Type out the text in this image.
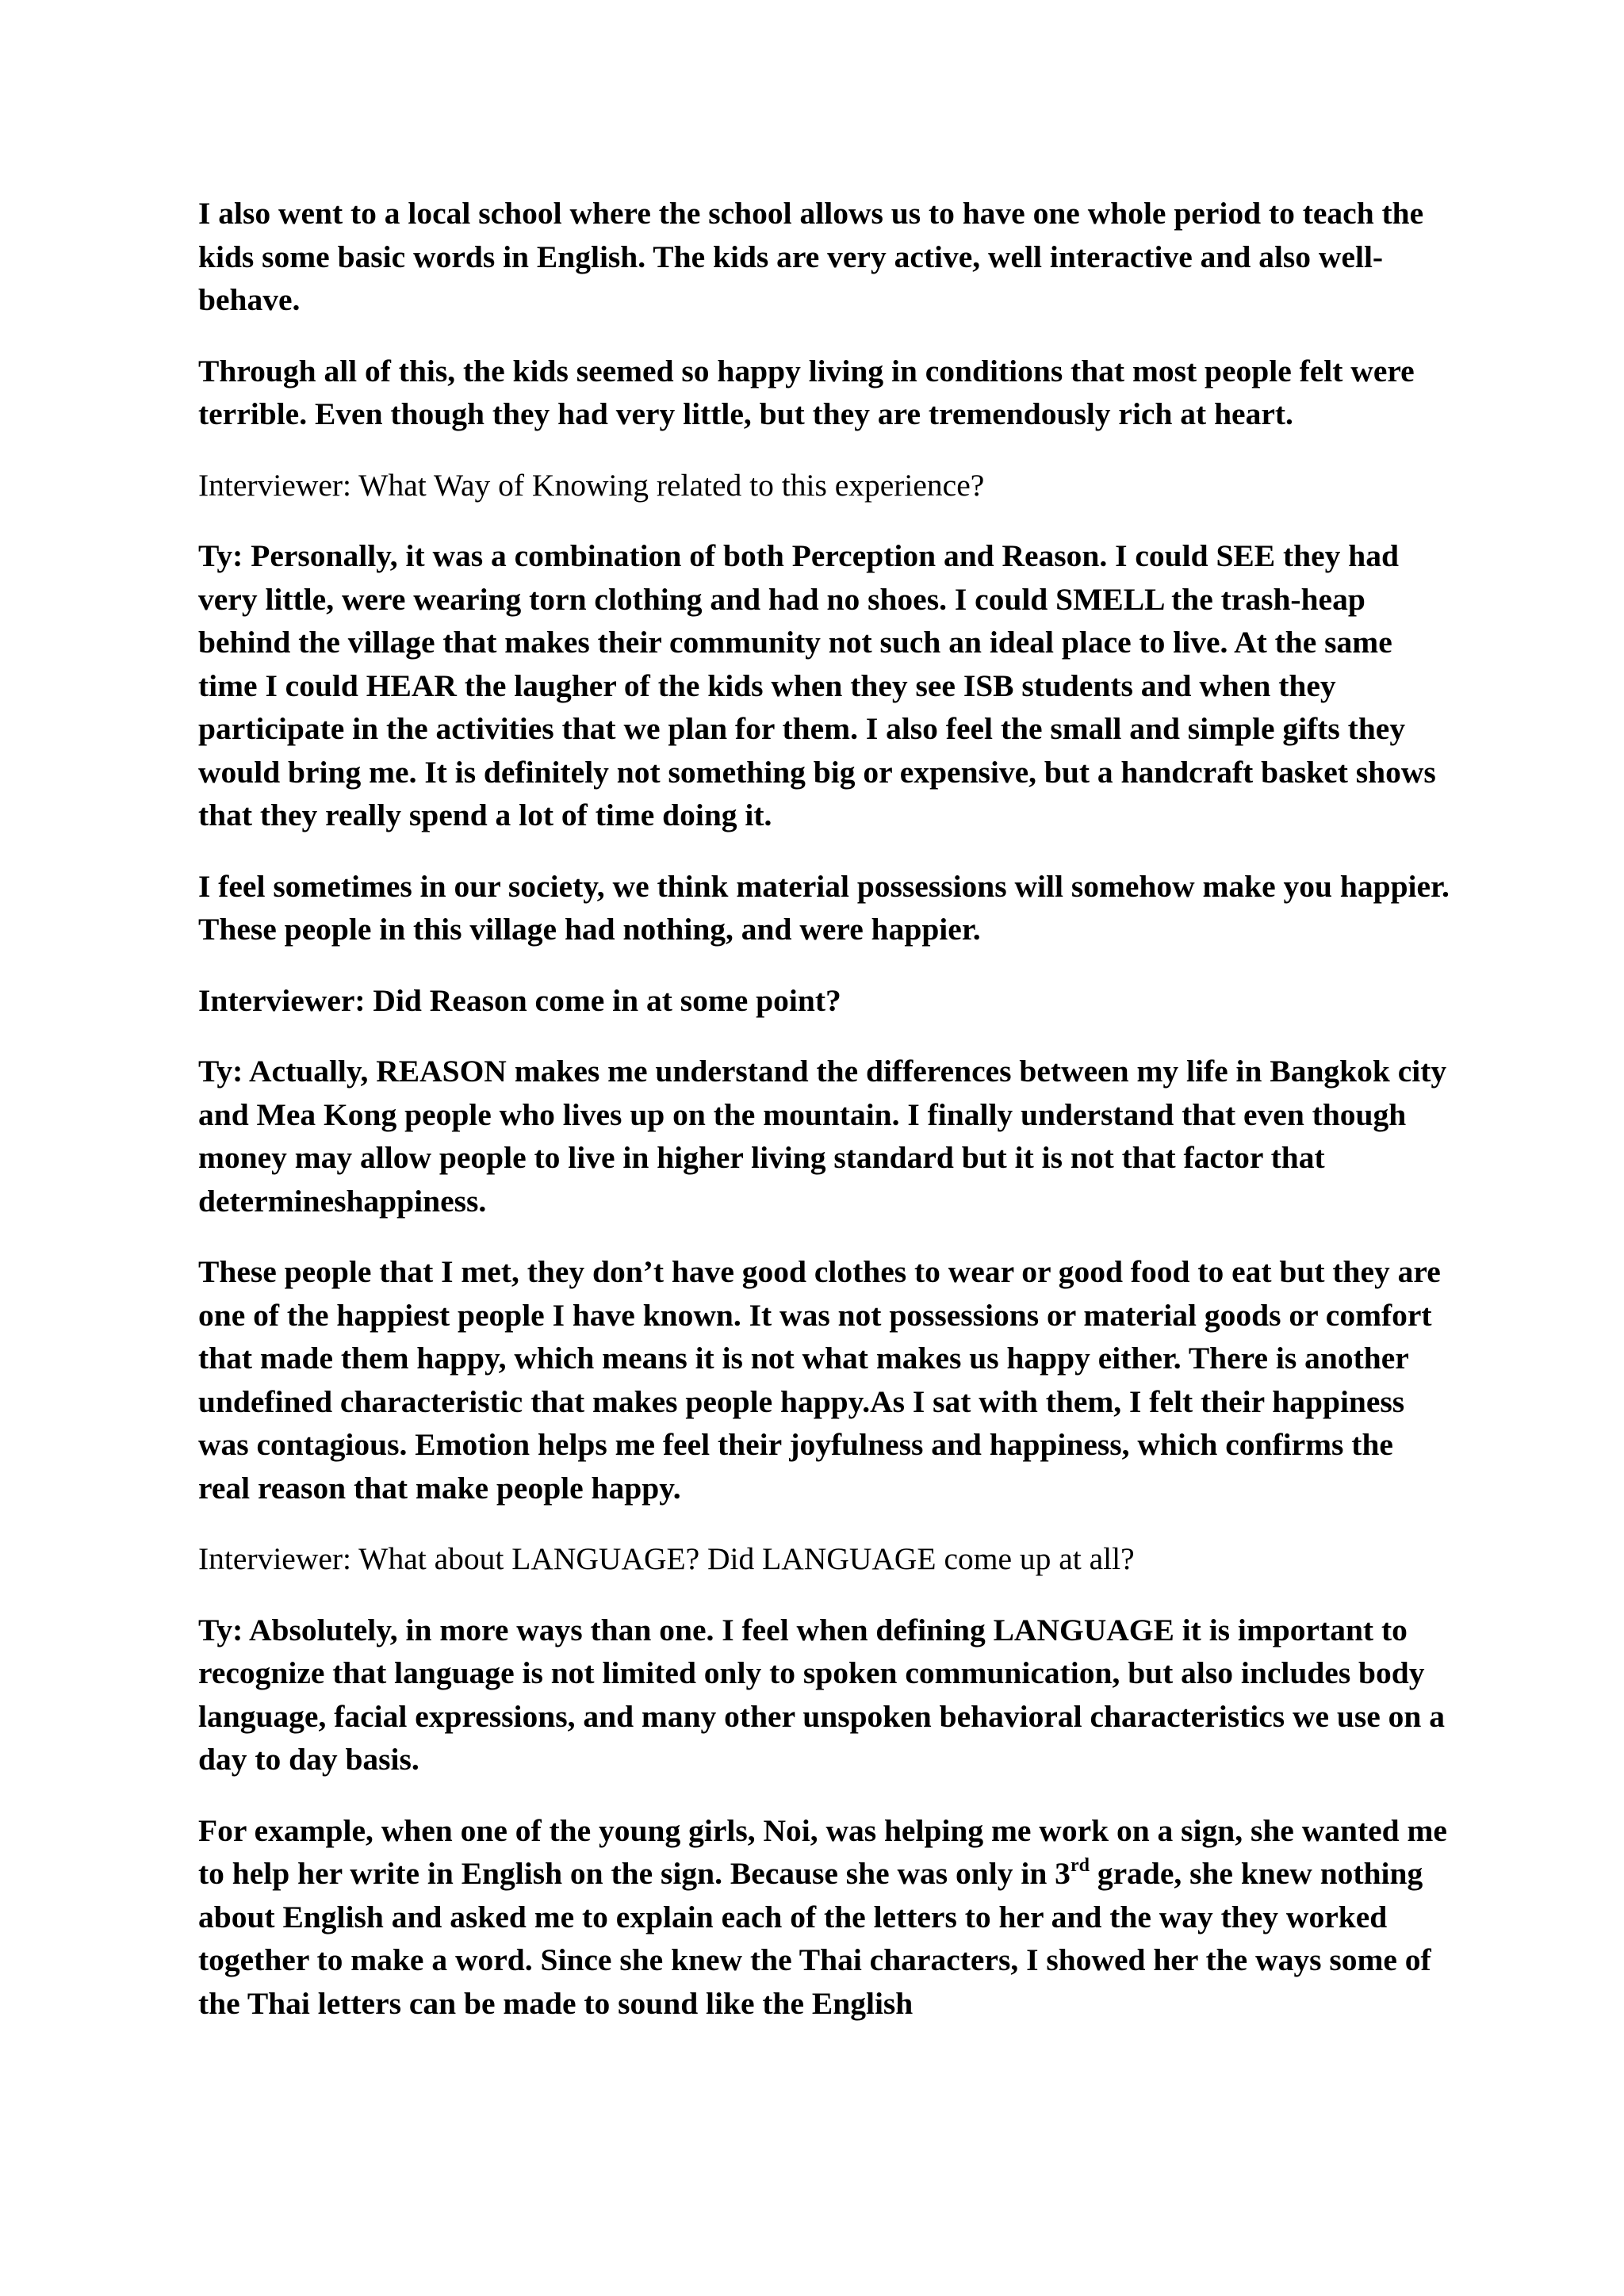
I also went to a local school where the school allows us to have one whole period to teach the kids some basic words in English. The kids are very active, well interactive and also well-behave.

Through all of this, the kids seemed so happy living in conditions that most people felt were terrible. Even though they had very little, but they are tremendously rich at heart.

Interviewer: What Way of Knowing related to this experience?

Ty: Personally, it was a combination of both Perception and Reason. I could SEE they had very little, were wearing torn clothing and had no shoes. I could SMELL the trash-heap behind the village that makes their community not such an ideal place to live. At the same time I could HEAR the laugher of the kids when they see ISB students and when they participate in the activities that we plan for them. I also feel the small and simple gifts they would bring me. It is definitely not something big or expensive, but a handcraft basket shows that they really spend a lot of time doing it.

I feel sometimes in our society, we think material possessions will somehow make you happier. These people in this village had nothing, and were happier.

Interviewer: Did Reason come in at some point?

Ty: Actually, REASON makes me understand the differences between my life in Bangkok city and Mea Kong people who lives up on the mountain. I finally understand that even though money may allow people to live in higher living standard but it is not that factor that determineshappiness.

These people that I met, they don’t have good clothes to wear or good food to eat but they are one of the happiest people I have known. It was not possessions or material goods or comfort that made them happy, which means it is not what makes us happy either. There is another undefined characteristic that makes people happy.As I sat with them, I felt their happiness was contagious. Emotion helps me feel their joyfulness and happiness, which confirms the real reason that make people happy.

Interviewer: What about LANGUAGE? Did LANGUAGE come up at all?

Ty: Absolutely, in more ways than one. I feel when defining LANGUAGE it is important to recognize that language is not limited only to spoken communication, but also includes body language, facial expressions, and many other unspoken behavioral characteristics we use on a day to day basis.

For example, when one of the young girls, Noi, was helping me work on a sign, she wanted me to help her write in English on the sign. Because she was only in 3rd grade, she knew nothing about English and asked me to explain each of the letters to her and the way they worked together to make a word. Since she knew the Thai characters, I showed her the ways some of the Thai letters can be made to sound like the English
